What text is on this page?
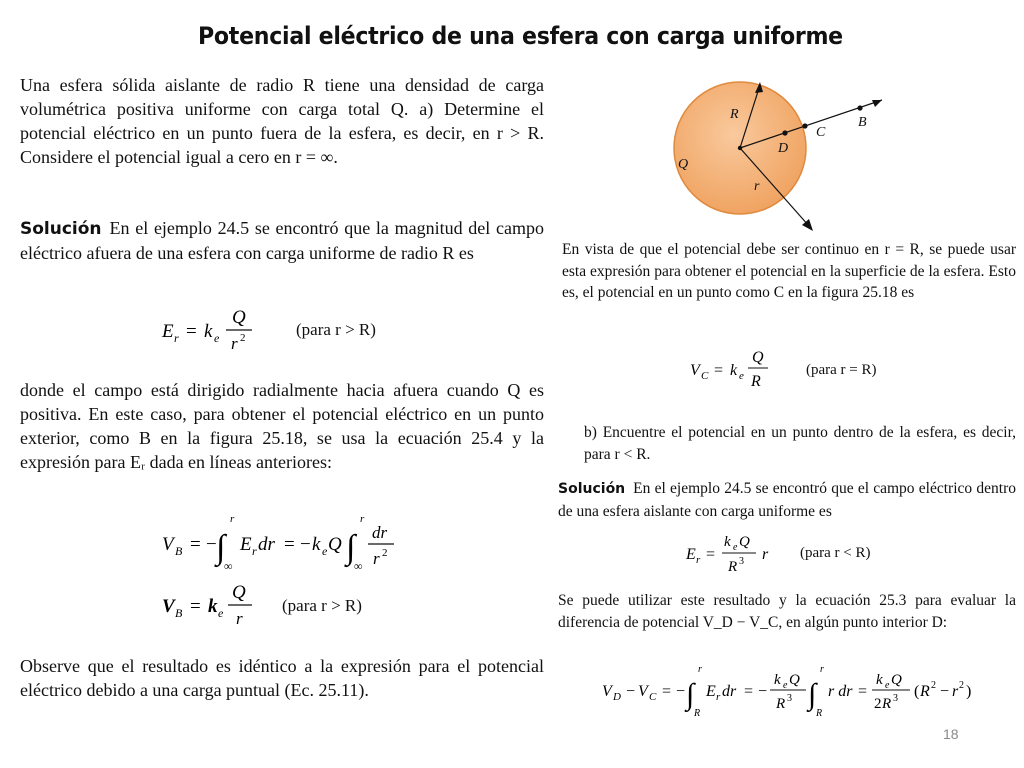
Potencial eléctrico de una esfera con carga uniforme

Una esfera sólida aislante de radio R tiene una densidad de carga volumétrica positiva uniforme con carga total Q. a) Determine el potencial eléctrico en un punto fuera de la esfera, es decir, en r > R. Considere el potencial igual a cero en r = ∞.

Solución En el ejemplo 24.5 se encontró que la magnitud del campo eléctrico afuera de una esfera con carga uniforme de radio R es

E r = k e
Q
r 2	(para r > R)

donde el campo está dirigido radialmente hacia afuera cuando Q es positiva. En este caso, para obtener el potencial eléctrico en un punto exterior, como B en la figura 25.18, se usa la ecuación 25.4 y la expresión para Eᵣ dada en líneas anteriores:

V B = − ∫
r
∞
E r dr = − k e Q ∫
r
∞
dr
r 2
V B = k e
Q
r
(para r > R)

Observe que el resultado es idéntico a la expresión para el potencial eléctrico debido a una carga puntual (Ec. 25.11).

R
r
Q
D
C
B

En vista de que el potencial debe ser continuo en r = R, se puede usar esta expresión para obtener el potencial en la superficie de la esfera. Esto es, el potencial en un punto como C en la figura 25.18 es

V C = k e
Q
R
(para r = R)

b) Encuentre el potencial en un punto dentro de la esfera, es decir, para r < R.

Solución En el ejemplo 24.5 se encontró que el campo eléctrico dentro de una esfera aislante con carga uniforme es

E r =
k e Q
R 3 r (para r < R)

Se puede utilizar este resultado y la ecuación 25.3 para evaluar la diferencia de potencial V_D − V_C, en algún punto interior D:

V D − V C = − ∫
r
R
E r dr = −
k e Q
R 3 ∫
r
R
r dr =
k e Q
2 R 3 ( R 2 − r 2 )
18
